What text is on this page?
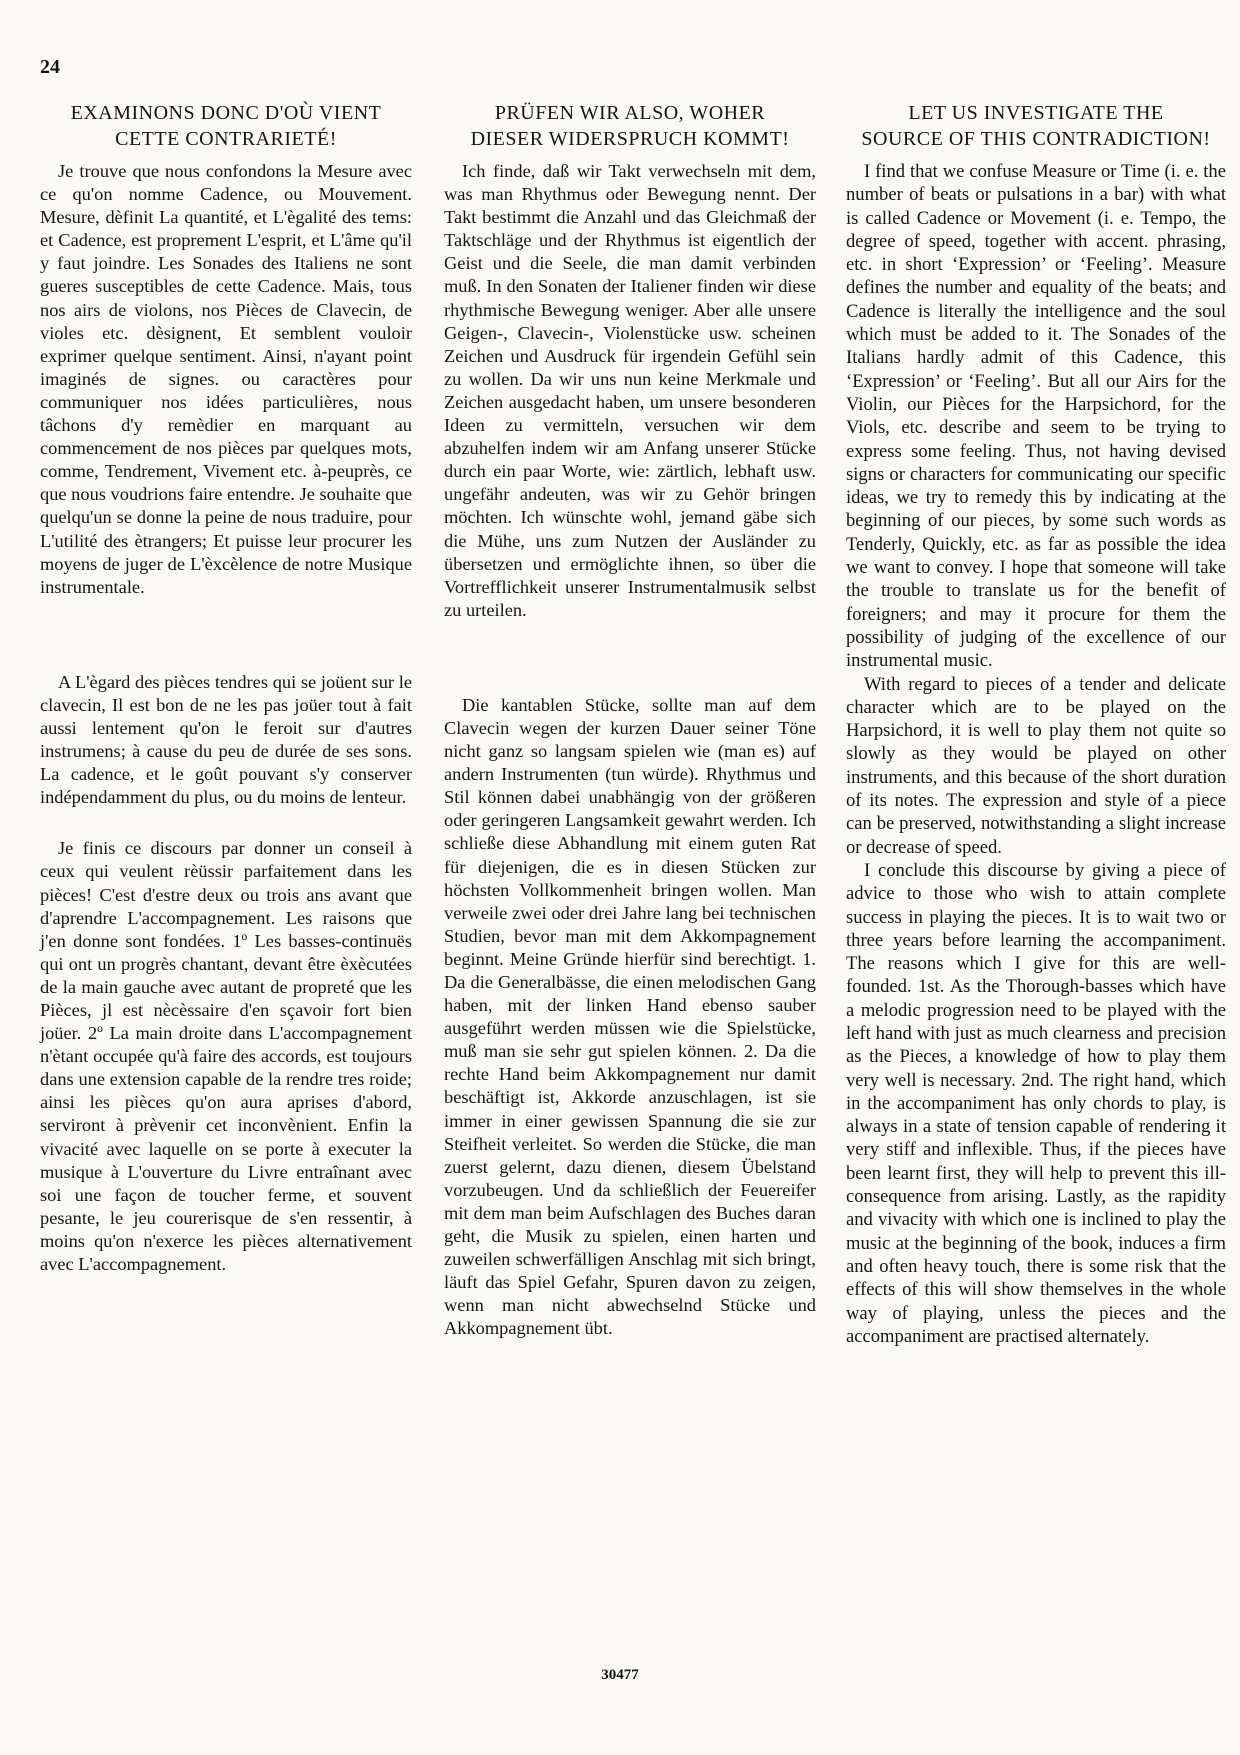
24
EXAMINONS DONC D'OÙ VIENT
CETTE CONTRARIETÉ!

Je trouve que nous confondons la Mesure avec ce qu'on nomme Cadence, ou Mouvement. Mesure, dèfinit La quantité, et L'ègalité des tems: et Cadence, est proprement L'esprit, et L'âme qu'il y faut joindre. Les Sonades des Italiens ne sont gueres susceptibles de cette Cadence. Mais, tous nos airs de violons, nos Pièces de Clavecin, de violes etc. dèsignent, Et semblent vouloir exprimer quelque sentiment. Ainsi, n'ayant point imaginés de signes. ou caractères pour communiquer nos idées particulières, nous tâchons d'y remèdier en marquant au commencement de nos pièces par quelques mots, comme, Tendrement, Vivement etc. à-peuprès, ce que nous voudrions faire entendre. Je souhaite que quelqu'un se donne la peine de nous traduire, pour L'utilité des ètrangers; Et puisse leur procurer les moyens de juger de L'èxcèlence de notre Musique instrumentale.

A L'ègard des pièces tendres qui se joüent sur le clavecin, Il est bon de ne les pas joüer tout à fait aussi lentement qu'on le feroit sur d'autres instrumens; à cause du peu de durée de ses sons. La cadence, et le goût pouvant s'y conserver indépendamment du plus, ou du moins de lenteur.

Je finis ce discours par donner un conseil à ceux qui veulent rèüssir parfaitement dans les pièces! C'est d'estre deux ou trois ans avant que d'aprendre L'accompagnement. Les raisons que j'en donne sont fondées. 1º Les basses-continuës qui ont un progrès chantant, devant être èxècutées de la main gauche avec autant de propreté que les Pièces, jl est nècèssaire d'en sçavoir fort bien joüer. 2º La main droite dans L'accompagnement n'ètant occupée qu'à faire des accords, est toujours dans une extension capable de la rendre tres roide; ainsi les pièces qu'on aura aprises d'abord, serviront à prèvenir cet inconvènient. Enfin la vivacité avec laquelle on se porte à executer la musique à L'ouverture du Livre entraînant avec soi une façon de toucher ferme, et souvent pesante, le jeu courerisque de s'en ressentir, à moins qu'on n'exerce les pièces alternativement avec L'accompagnement.

PRÜFEN WIR ALSO, WOHER
DIESER WIDERSPRUCH KOMMT!

Ich finde, daß wir Takt verwechseln mit dem, was man Rhythmus oder Bewegung nennt. Der Takt bestimmt die Anzahl und das Gleichmaß der Taktschläge und der Rhythmus ist eigentlich der Geist und die Seele, die man damit verbinden muß. In den Sonaten der Italiener finden wir diese rhythmische Bewegung weniger. Aber alle unsere Geigen-, Clavecin-, Violenstücke usw. scheinen Zeichen und Ausdruck für irgendein Gefühl sein zu wollen. Da wir uns nun keine Merkmale und Zeichen ausgedacht haben, um unsere besonderen Ideen zu vermitteln, versuchen wir dem abzuhelfen indem wir am Anfang unserer Stücke durch ein paar Worte, wie: zärtlich, lebhaft usw. ungefähr andeuten, was wir zu Gehör bringen möchten. Ich wünschte wohl, jemand gäbe sich die Mühe, uns zum Nutzen der Ausländer zu übersetzen und ermöglichte ihnen, so über die Vortrefflichkeit unserer Instrumentalmusik selbst zu urteilen.

Die kantablen Stücke, sollte man auf dem Clavecin wegen der kurzen Dauer seiner Töne nicht ganz so langsam spielen wie (man es) auf andern Instrumenten (tun würde). Rhythmus und Stil können dabei unabhängig von der größeren oder geringeren Langsamkeit gewahrt werden. Ich schließe diese Abhandlung mit einem guten Rat für diejenigen, die es in diesen Stücken zur höchsten Vollkommenheit bringen wollen. Man verweile zwei oder drei Jahre lang bei technischen Studien, bevor man mit dem Akkompagnement beginnt. Meine Gründe hierfür sind berechtigt. 1. Da die Generalbässe, die einen melodischen Gang haben, mit der linken Hand ebenso sauber ausgeführt werden müssen wie die Spielstücke, muß man sie sehr gut spielen können. 2. Da die rechte Hand beim Akkompagnement nur damit beschäftigt ist, Akkorde anzuschlagen, ist sie immer in einer gewissen Spannung die sie zur Steifheit verleitet. So werden die Stücke, die man zuerst gelernt, dazu dienen, diesem Übelstand vorzubeugen. Und da schließlich der Feuereifer mit dem man beim Aufschlagen des Buches daran geht, die Musik zu spielen, einen harten und zuweilen schwerfälligen Anschlag mit sich bringt, läuft das Spiel Gefahr, Spuren davon zu zeigen, wenn man nicht abwechselnd Stücke und Akkompagnement übt.

LET US INVESTIGATE THE
SOURCE OF THIS CONTRADICTION!

I find that we confuse Measure or Time (i. e. the number of beats or pulsations in a bar) with what is called Cadence or Movement (i. e. Tempo, the degree of speed, together with accent. phrasing, etc. in short ‘Expression’ or ‘Feeling’. Measure defines the number and equality of the beats; and Cadence is literally the intelligence and the soul which must be added to it. The Sonades of the Italians hardly admit of this Cadence, this ‘Expression’ or ‘Feeling’. But all our Airs for the Violin, our Pièces for the Harpsichord, for the Viols, etc. describe and seem to be trying to express some feeling. Thus, not having devised signs or characters for communicating our specific ideas, we try to remedy this by indicating at the beginning of our pieces, by some such words as Tenderly, Quickly, etc. as far as possible the idea we want to convey. I hope that someone will take the trouble to translate us for the benefit of foreigners; and may it procure for them the possibility of judging of the excellence of our instrumental music.

With regard to pieces of a tender and delicate character which are to be played on the Harpsichord, it is well to play them not quite so slowly as they would be played on other instruments, and this because of the short duration of its notes. The expression and style of a piece can be preserved, notwithstanding a slight increase or decrease of speed.

I conclude this discourse by giving a piece of advice to those who wish to attain complete success in playing the pieces. It is to wait two or three years before learning the accompaniment. The reasons which I give for this are well-founded. 1st. As the Thorough-basses which have a melodic progression need to be played with the left hand with just as much clearness and precision as the Pieces, a knowledge of how to play them very well is necessary. 2nd. The right hand, which in the accompaniment has only chords to play, is always in a state of tension capable of rendering it very stiff and inflexible. Thus, if the pieces have been learnt first, they will help to prevent this ill-consequence from arising. Lastly, as the rapidity and vivacity with which one is inclined to play the music at the beginning of the book, induces a firm and often heavy touch, there is some risk that the effects of this will show themselves in the whole way of playing, unless the pieces and the accompaniment are practised alternately.

30477
